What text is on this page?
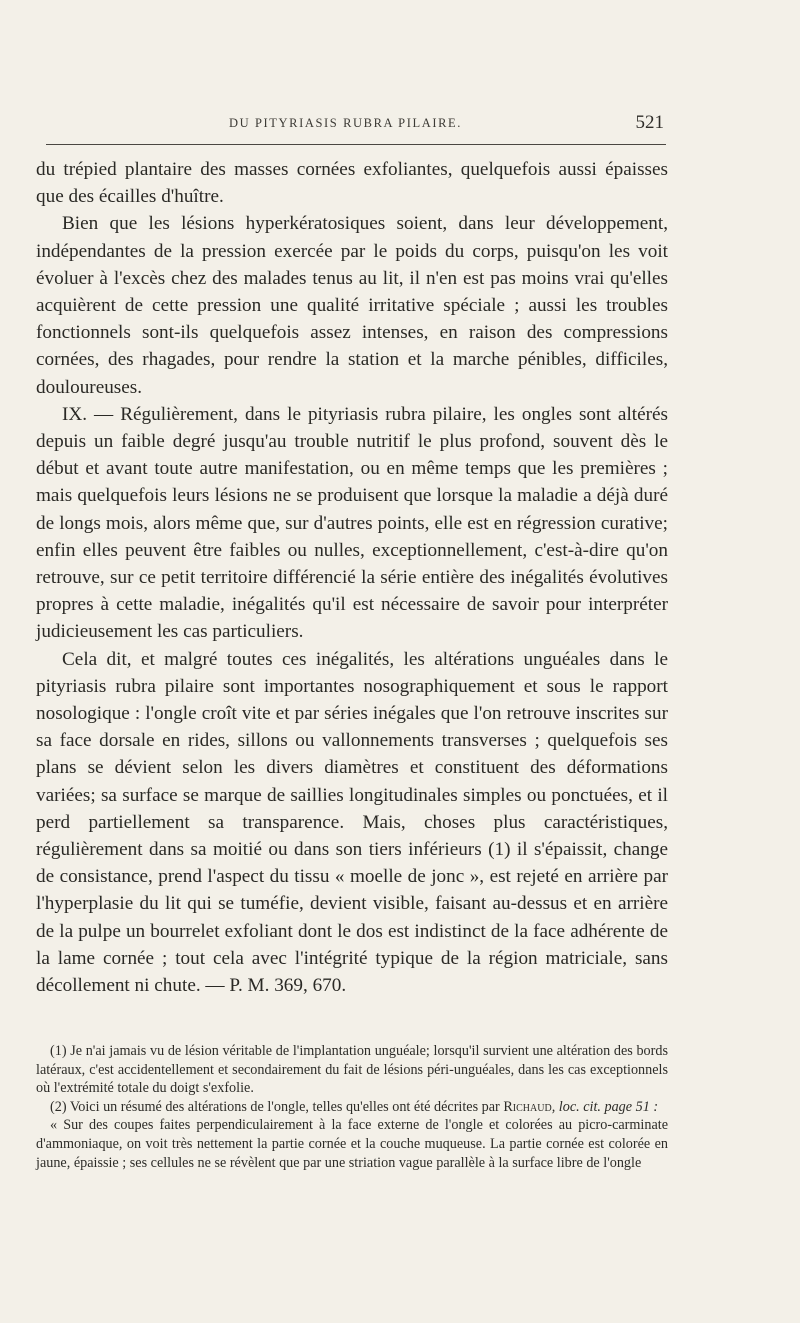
DU PITYRIASIS RUBRA PILAIRE.	521

du trépied plantaire des masses cornées exfoliantes, quelquefois aussi épaisses que des écailles d'huître.

Bien que les lésions hyperkératosiques soient, dans leur développement, indépendantes de la pression exercée par le poids du corps, puisqu'on les voit évoluer à l'excès chez des malades tenus au lit, il n'en est pas moins vrai qu'elles acquièrent de cette pression une qualité irritative spéciale ; aussi les troubles fonctionnels sont-ils quelquefois assez intenses, en raison des compressions cornées, des rhagades, pour rendre la station et la marche pénibles, difficiles, douloureuses.

IX. — Régulièrement, dans le pityriasis rubra pilaire, les ongles sont altérés depuis un faible degré jusqu'au trouble nutritif le plus profond, souvent dès le début et avant toute autre manifestation, ou en même temps que les premières ; mais quelquefois leurs lésions ne se produisent que lorsque la maladie a déjà duré de longs mois, alors même que, sur d'autres points, elle est en régression curative; enfin elles peuvent être faibles ou nulles, exceptionnellement, c'est-à-dire qu'on retrouve, sur ce petit territoire différencié la série entière des inégalités évolutives propres à cette maladie, inégalités qu'il est nécessaire de savoir pour interpréter judicieusement les cas particuliers.

Cela dit, et malgré toutes ces inégalités, les altérations unguéales dans le pityriasis rubra pilaire sont importantes nosographiquement et sous le rapport nosologique : l'ongle croît vite et par séries inégales que l'on retrouve inscrites sur sa face dorsale en rides, sillons ou vallonnements transverses ; quelquefois ses plans se dévient selon les divers diamètres et constituent des déformations variées; sa surface se marque de saillies longitudinales simples ou ponctuées, et il perd partiellement sa transparence. Mais, choses plus caractéristiques, régulièrement dans sa moitié ou dans son tiers inférieurs (1) il s'épaissit, change de consistance, prend l'aspect du tissu « moelle de jonc », est rejeté en arrière par l'hyperplasie du lit qui se tuméfie, devient visible, faisant au-dessus et en arrière de la pulpe un bourrelet exfoliant dont le dos est indistinct de la face adhérente de la lame cornée ; tout cela avec l'intégrité typique de la région matriciale, sans décollement ni chute. — P. M. 369, 670.

(1) Je n'ai jamais vu de lésion véritable de l'implantation unguéale; lorsqu'il survient une altération des bords latéraux, c'est accidentellement et secondairement du fait de lésions péri-unguéales, dans les cas exceptionnels où l'extrémité totale du doigt s'exfolie.

(2) Voici un résumé des altérations de l'ongle, telles qu'elles ont été décrites par Richaud, loc. cit. page 51 :

« Sur des coupes faites perpendiculairement à la face externe de l'ongle et colorées au picro-carminate d'ammoniaque, on voit très nettement la partie cornée et la couche muqueuse. La partie cornée est colorée en jaune, épaissie ; ses cellules ne se révèlent que par une striation vague parallèle à la surface libre de l'ongle
